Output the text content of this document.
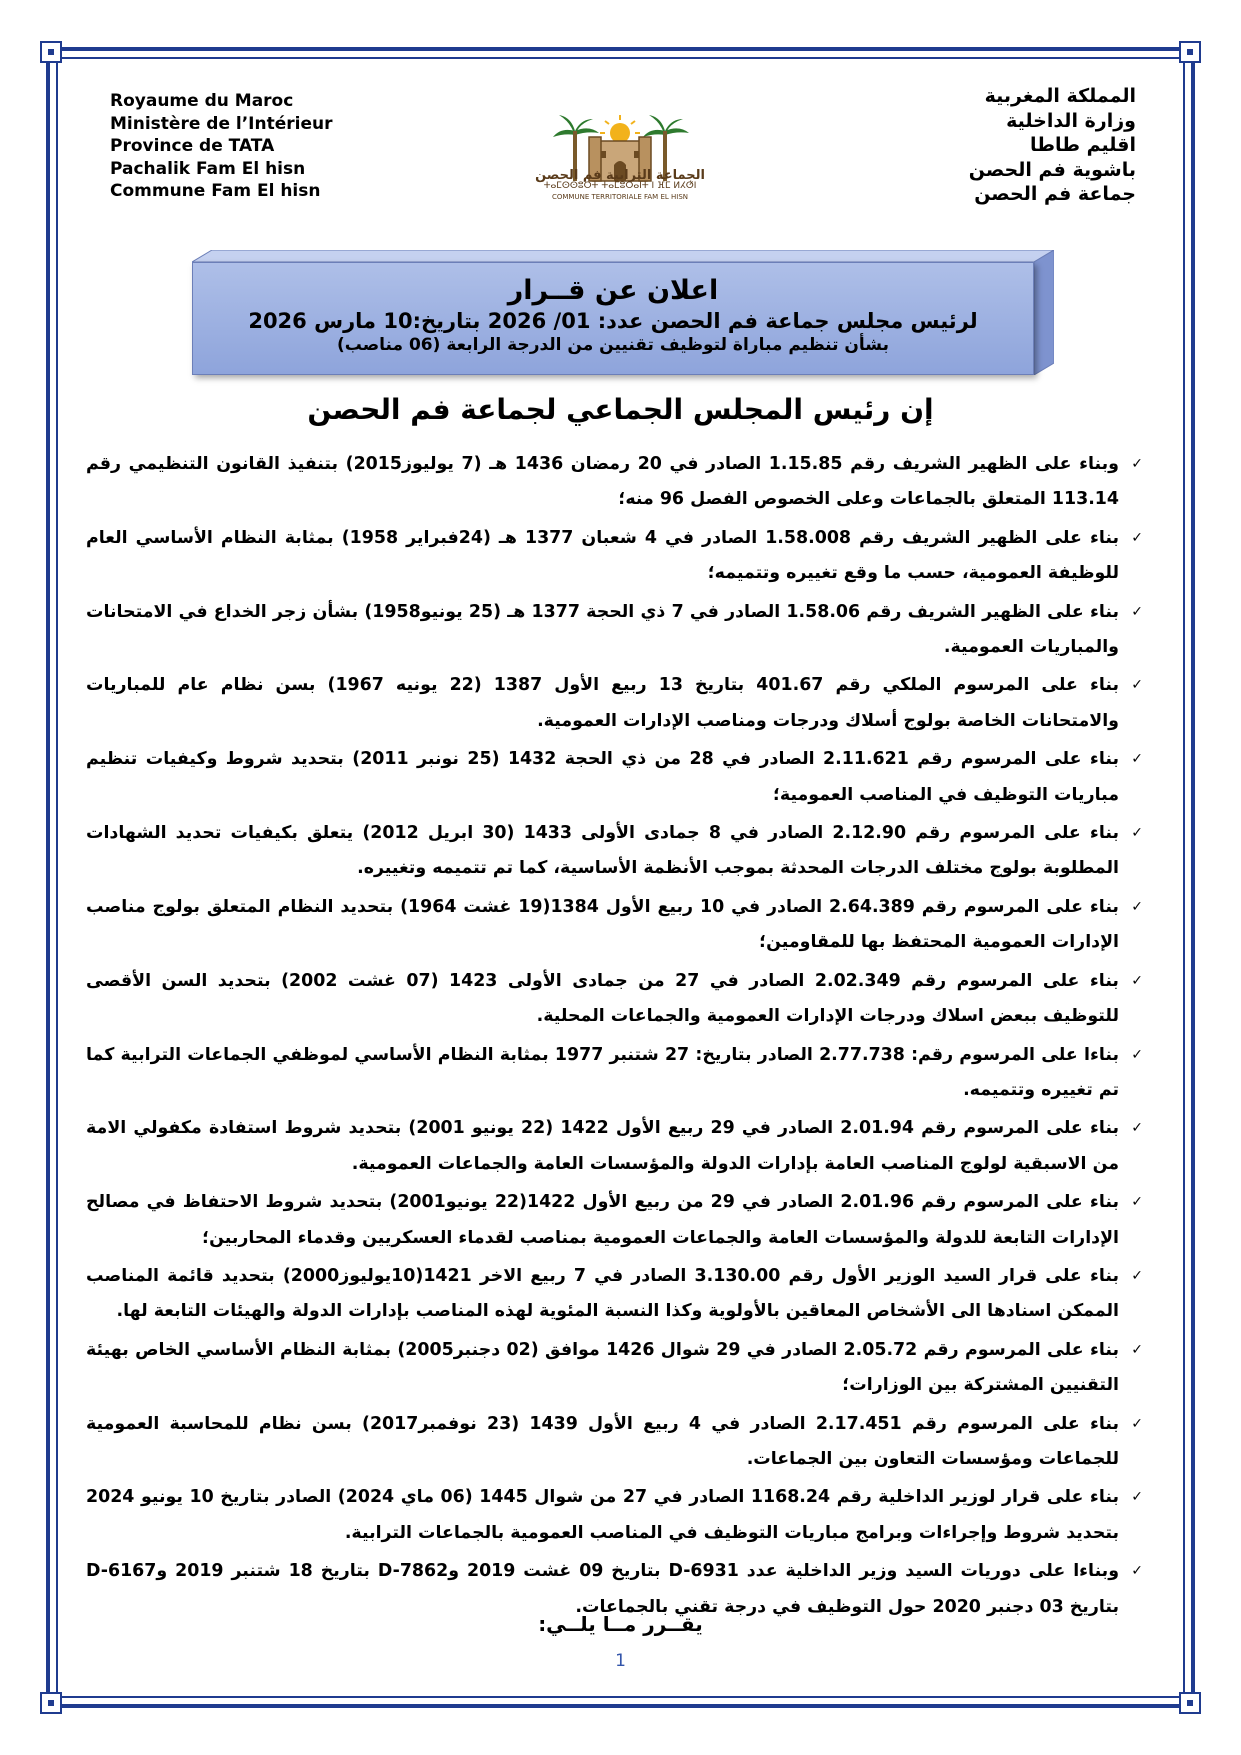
Royaume du Maroc
Ministère de l’Intérieur
Province de TATA
Pachalik Fam El hisn
Commune Fam El hisn
المملكة المغربية
وزارة الداخلية
اقليم طاطا
باشوية فم الحصن
جماعة فم الحصن
الجماعة الترابية فم الحصن
ⵜⴰⵎⵙⵙⵓⵔⵜ ⵜⴰⵎⵓⵔⴰⵏⵜ ⵏ ⴼⵎ ⵍⵃⵚⵏ
COMMUNE TERRITORIALE FAM EL HISN
اعلان عن قــرار
لرئيس مجلس جماعة فم الحصن عدد: 01/ 2026 بتاريخ:10 مارس 2026
بشأن تنظيم مباراة لتوظيف تقنيين من الدرجة الرابعة (06 مناصب)
إن رئيس المجلس الجماعي لجماعة فم الحصن
✓
وبناء على الظهير الشريف رقم 1.15.85 الصادر في 20 رمضان 1436 هـ (7 يوليوز2015) بتنفيذ القانون التنظيمي رقم 113.14 المتعلق بالجماعات وعلى الخصوص الفصل 96 منه؛
✓
بناء على الظهير الشريف رقم 1.58.008 الصادر في 4 شعبان 1377 هـ (24فبراير 1958) بمثابة النظام الأساسي العام للوظيفة العمومية، حسب ما وقع تغييره وتتميمه؛
✓
بناء على الظهير الشريف رقم 1.58.06 الصادر في 7 ذي الحجة 1377 هـ (25 يونيو1958) بشأن زجر الخداع في الامتحانات والمباريات العمومية.
✓
بناء على المرسوم الملكي رقم 401.67 بتاريخ 13 ربيع الأول 1387 (22 يونيه 1967) بسن نظام عام للمباريات والامتحانات الخاصة بولوج أسلاك ودرجات ومناصب الإدارات العمومية.
✓
بناء على المرسوم رقم 2.11.621 الصادر في 28 من ذي الحجة 1432 (25 نونبر 2011) بتحديد شروط وكيفيات تنظيم مباريات التوظيف في المناصب العمومية؛
✓
بناء على المرسوم رقم 2.12.90 الصادر في 8 جمادى الأولى 1433 (30 ابريل 2012) يتعلق بكيفيات تحديد الشهادات المطلوبة بولوج مختلف الدرجات المحدثة بموجب الأنظمة الأساسية، كما تم تتميمه وتغييره.
✓
بناء على المرسوم رقم 2.64.389 الصادر في 10 ربيع الأول 1384(19 غشت 1964) بتحديد النظام المتعلق بولوج مناصب الإدارات العمومية المحتفظ بها للمقاومين؛
✓
بناء على المرسوم رقم 2.02.349 الصادر في 27 من جمادى الأولى 1423 (07 غشت 2002) بتحديد السن الأقصى للتوظيف ببعض اسلاك ودرجات الإدارات العمومية والجماعات المحلية.
✓
بناءا على المرسوم رقم: 2.77.738 الصادر بتاريخ: 27 شتنبر 1977 بمثابة النظام الأساسي لموظفي الجماعات الترابية كما تم تغييره وتتميمه.
✓
بناء على المرسوم رقم 2.01.94 الصادر في 29 ربيع الأول 1422 (22 يونيو 2001) بتحديد شروط استفادة مكفولي الامة من الاسبقية لولوج المناصب العامة بإدارات الدولة والمؤسسات العامة والجماعات العمومية.
✓
بناء على المرسوم رقم 2.01.96 الصادر في 29 من ربيع الأول 1422(22 يونيو2001) بتحديد شروط الاحتفاظ في مصالح الإدارات التابعة للدولة والمؤسسات العامة والجماعات العمومية بمناصب لقدماء العسكريين وقدماء المحاربين؛
✓
بناء على قرار السيد الوزير الأول رقم 3.130.00 الصادر في 7 ربيع الاخر 1421(10يوليوز2000) بتحديد قائمة المناصب الممكن اسنادها الى الأشخاص المعاقين بالأولوية وكذا النسبة المئوية لهذه المناصب بإدارات الدولة والهيئات التابعة لها.
✓
بناء على المرسوم رقم 2.05.72 الصادر في 29 شوال 1426 موافق (02 دجنبر2005) بمثابة النظام الأساسي الخاص بهيئة التقنيين المشتركة بين الوزارات؛
✓
بناء على المرسوم رقم 2.17.451 الصادر في 4 ربيع الأول 1439 (23 نوفمبر2017) بسن نظام للمحاسبة العمومية للجماعات ومؤسسات التعاون بين الجماعات.
✓
بناء على قرار لوزير الداخلية رقم 1168.24 الصادر في 27 من شوال 1445 (06 ماي 2024) الصادر بتاريخ 10 يونيو 2024 بتحديد شروط وإجراءات وبرامج مباريات التوظيف في المناصب العمومية بالجماعات الترابية.
✓
وبناءا على دوريات السيد وزير الداخلية عدد D-6931 بتاريخ 09 غشت 2019 وD-7862 بتاريخ 18 شتنبر 2019 وD-6167 بتاريخ 03 دجنبر 2020 حول التوظيف في درجة تقني بالجماعات.
يقــرر مــا يلــي:
1
